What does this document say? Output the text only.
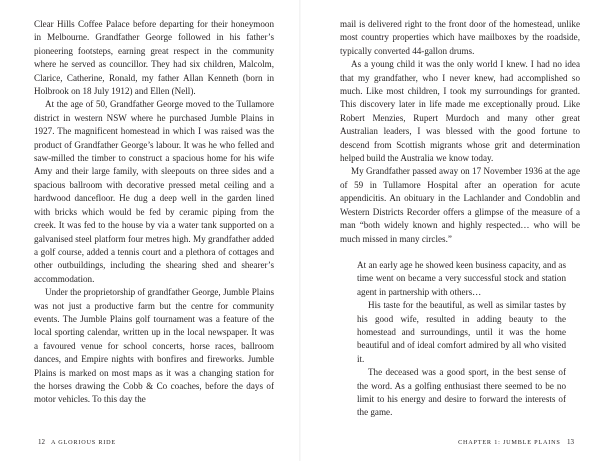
Clear Hills Coffee Palace before departing for their honeymoon in Melbourne. Grandfather George followed in his father’s pioneering footsteps, earning great respect in the community where he served as councillor. They had six children, Malcolm, Clarice, Catherine, Ronald, my father Allan Kenneth (born in Holbrook on 18 July 1912) and Ellen (Nell).

At the age of 50, Grandfather George moved to the Tullamore district in western NSW where he purchased Jumble Plains in 1927. The magnificent homestead in which I was raised was the product of Grandfather George’s labour. It was he who felled and saw-milled the timber to construct a spacious home for his wife Amy and their large family, with sleepouts on three sides and a spacious ballroom with decorative pressed metal ceiling and a hardwood dancefloor. He dug a deep well in the garden lined with bricks which would be fed by ceramic piping from the creek. It was fed to the house by via a water tank supported on a galvanised steel platform four metres high. My grandfather added a golf course, added a tennis court and a plethora of cottages and other outbuildings, including the shearing shed and shearer’s accommodation.

Under the proprietorship of grandfather George, Jumble Plains was not just a productive farm but the centre for community events. The Jumble Plains golf tournament was a feature of the local sporting calendar, written up in the local newspaper. It was a favoured venue for school concerts, horse races, ballroom dances, and Empire nights with bonfires and fireworks. Jumble Plains is marked on most maps as it was a changing station for the horses drawing the Cobb & Co coaches, before the days of motor vehicles. To this day the

12 A GLORIOUS RIDE

mail is delivered right to the front door of the homestead, unlike most country properties which have mailboxes by the roadside, typically converted 44-gallon drums.

As a young child it was the only world I knew. I had no idea that my grandfather, who I never knew, had accomplished so much. Like most children, I took my surroundings for granted. This discovery later in life made me exceptionally proud. Like Robert Menzies, Rupert Murdoch and many other great Australian leaders, I was blessed with the good fortune to descend from Scottish migrants whose grit and determination helped build the Australia we know today.

My Grandfather passed away on 17 November 1936 at the age of 59 in Tullamore Hospital after an operation for acute appendicitis. An obituary in the Lachlander and Condoblin and Western Districts Recorder offers a glimpse of the measure of a man “both widely known and highly respected… who will be much missed in many circles.”

At an early age he showed keen business capacity, and as time went on became a very successful stock and station agent in partnership with others…

His taste for the beautiful, as well as similar tastes by his good wife, resulted in adding beauty to the homestead and surroundings, until it was the home beautiful and of ideal comfort admired by all who visited it.

The deceased was a good sport, in the best sense of the word. As a golfing enthusiast there seemed to be no limit to his energy and desire to forward the interests of the game.

CHAPTER 1: JUMBLE PLAINS 13
